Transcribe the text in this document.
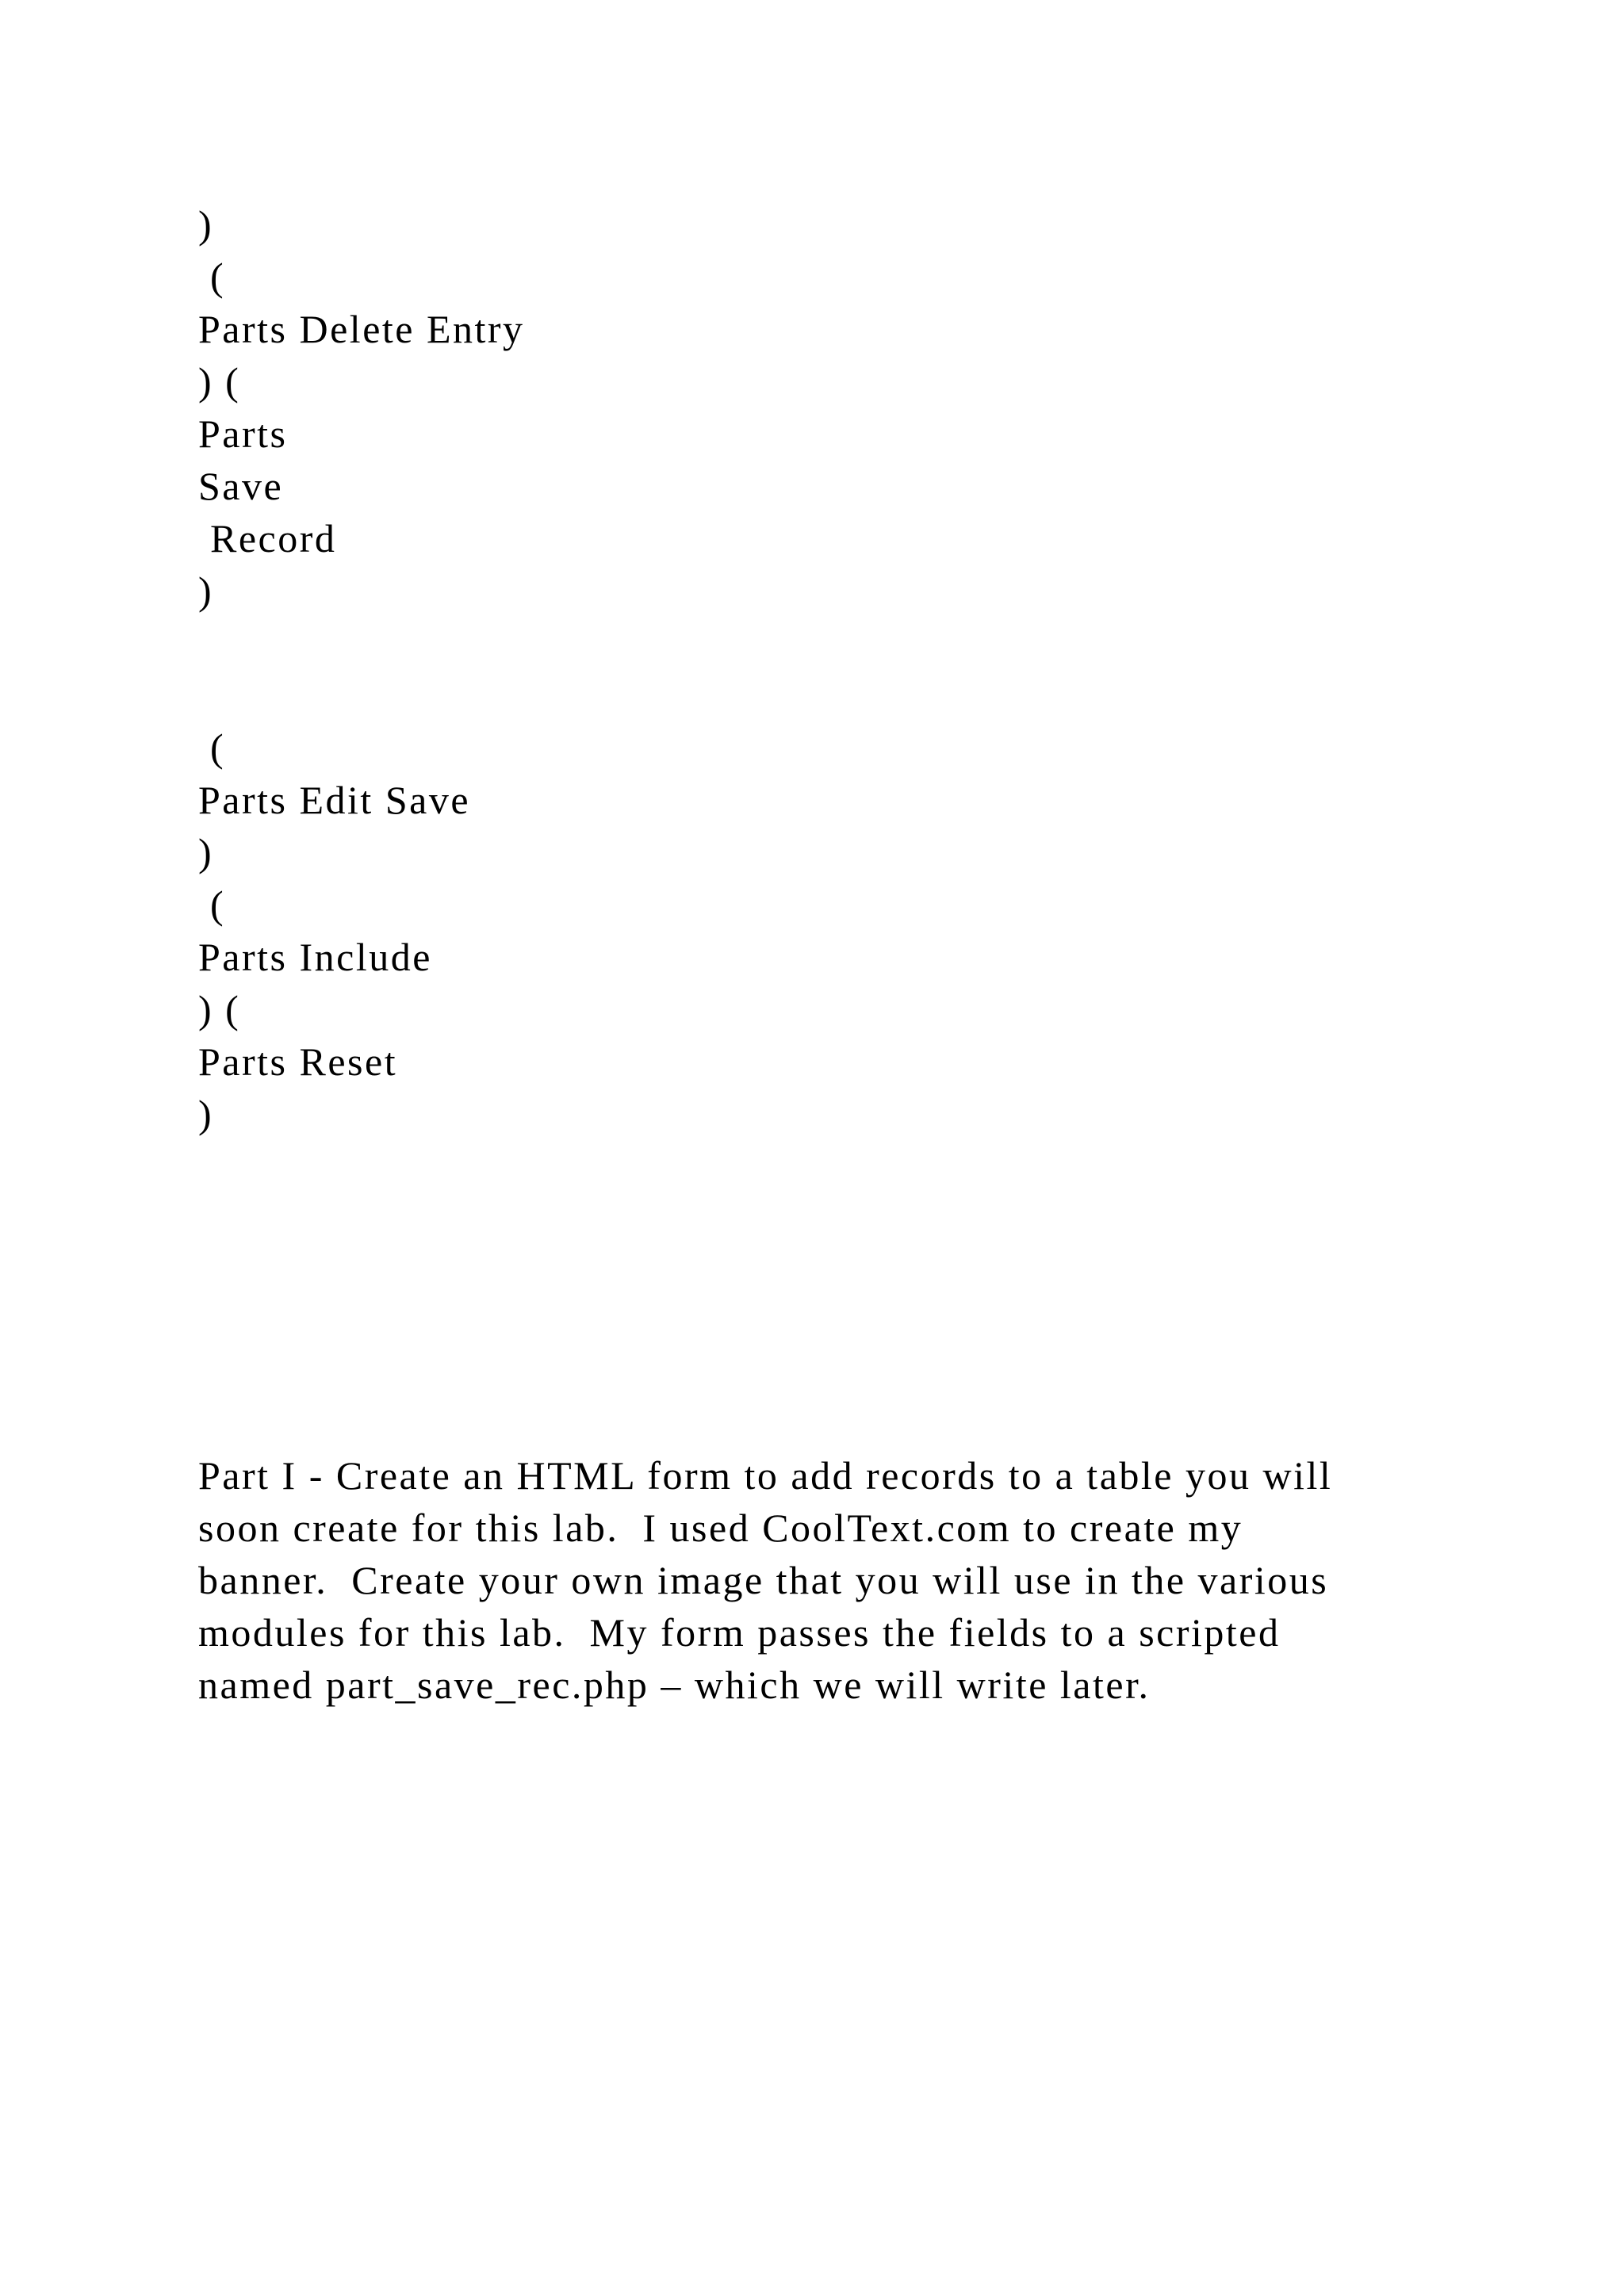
)

(

Parts Delete Entry

) (

Parts

Save

Record

)

(

Parts Edit Save

)

(

Parts Include

) (

Parts Reset

)

Part I - Create an HTML form to add records to a table you will

soon create for this lab.  I used CoolText.com to create my

banner.  Create your own image that you will use in the various

modules for this lab.  My form passes the fields to a scripted

named part_save_rec.php – which we will write later.
